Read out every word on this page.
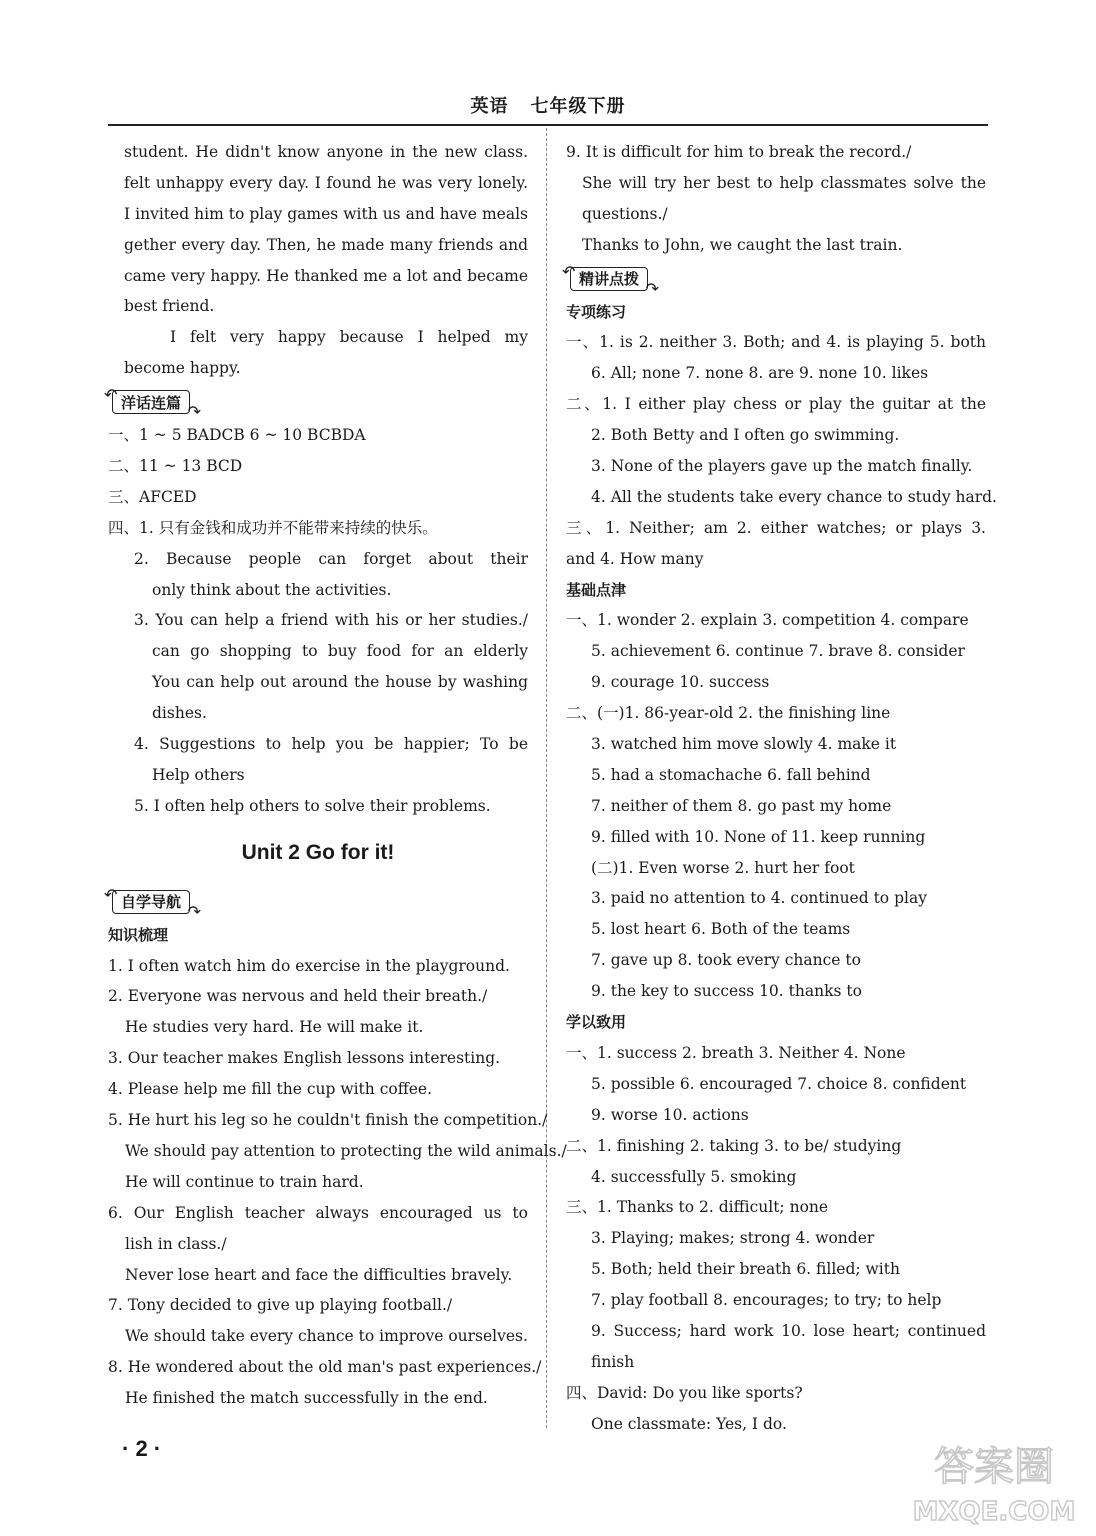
英语 七年级下册
student. He didn't know anyone in the new class.
felt unhappy every day. I found he was very lonely.
I invited him to play games with us and have meals
gether every day. Then, he made many friends and
came very happy. He thanked me a lot and became
best friend.
I felt very happy because I helped my
become happy.
↶ 洋话连篇 ↷
一、1 ~ 5 BADCB 6 ~ 10 BCBDA
二、11 ~ 13 BCD
三、AFCED
四、1. 只有金钱和成功并不能带来持续的快乐。
2. Because people can forget about their
only think about the activities.
3. You can help a friend with his or her studies./
can go shopping to buy food for an elderly
You can help out around the house by washing
dishes.
4. Suggestions to help you be happier; To be
Help others
5. I often help others to solve their problems.
Unit 2 Go for it!
↶ 自学导航 ↷
知识梳理
1. I often watch him do exercise in the playground.
2. Everyone was nervous and held their breath./
He studies very hard. He will make it.
3. Our teacher makes English lessons interesting.
4. Please help me fill the cup with coffee.
5. He hurt his leg so he couldn't finish the competition./
We should pay attention to protecting the wild animals./
He will continue to train hard.
6. Our English teacher always encouraged us to
lish in class./
Never lose heart and face the difficulties bravely.
7. Tony decided to give up playing football./
We should take every chance to improve ourselves.
8. He wondered about the old man's past experiences./
He finished the match successfully in the end.
9. It is difficult for him to break the record./
She will try her best to help classmates solve the
questions./
Thanks to John, we caught the last train.
↶ 精讲点拨 ↷
专项练习
一、1. is 2. neither 3. Both; and 4. is playing 5. both
6. All; none 7. none 8. are 9. none 10. likes
二、1. I either play chess or play the guitar at the
2. Both Betty and I often go swimming.
3. None of the players gave up the match finally.
4. All the students take every chance to study hard.
三、1. Neither; am 2. either watches; or plays 3.
and 4. How many
基础点津
一、1. wonder 2. explain 3. competition 4. compare
5. achievement 6. continue 7. brave 8. consider
9. courage 10. success
二、(一)1. 86-year-old 2. the finishing line
3. watched him move slowly 4. make it
5. had a stomachache 6. fall behind
7. neither of them 8. go past my home
9. filled with 10. None of 11. keep running
(二)1. Even worse 2. hurt her foot
3. paid no attention to 4. continued to play
5. lost heart 6. Both of the teams
7. gave up 8. took every chance to
9. the key to success 10. thanks to
学以致用
一、1. success 2. breath 3. Neither 4. None
5. possible 6. encouraged 7. choice 8. confident
9. worse 10. actions
二、1. finishing 2. taking 3. to be/ studying
4. successfully 5. smoking
三、1. Thanks to 2. difficult; none
3. Playing; makes; strong 4. wonder
5. Both; held their breath 6. filled; with
7. play football 8. encourages; to try; to help
9. Success; hard work 10. lose heart; continued
finish
四、David: Do you like sports?
One classmate: Yes, I do.
· 2 ·	答案圈
MXQE.COM
